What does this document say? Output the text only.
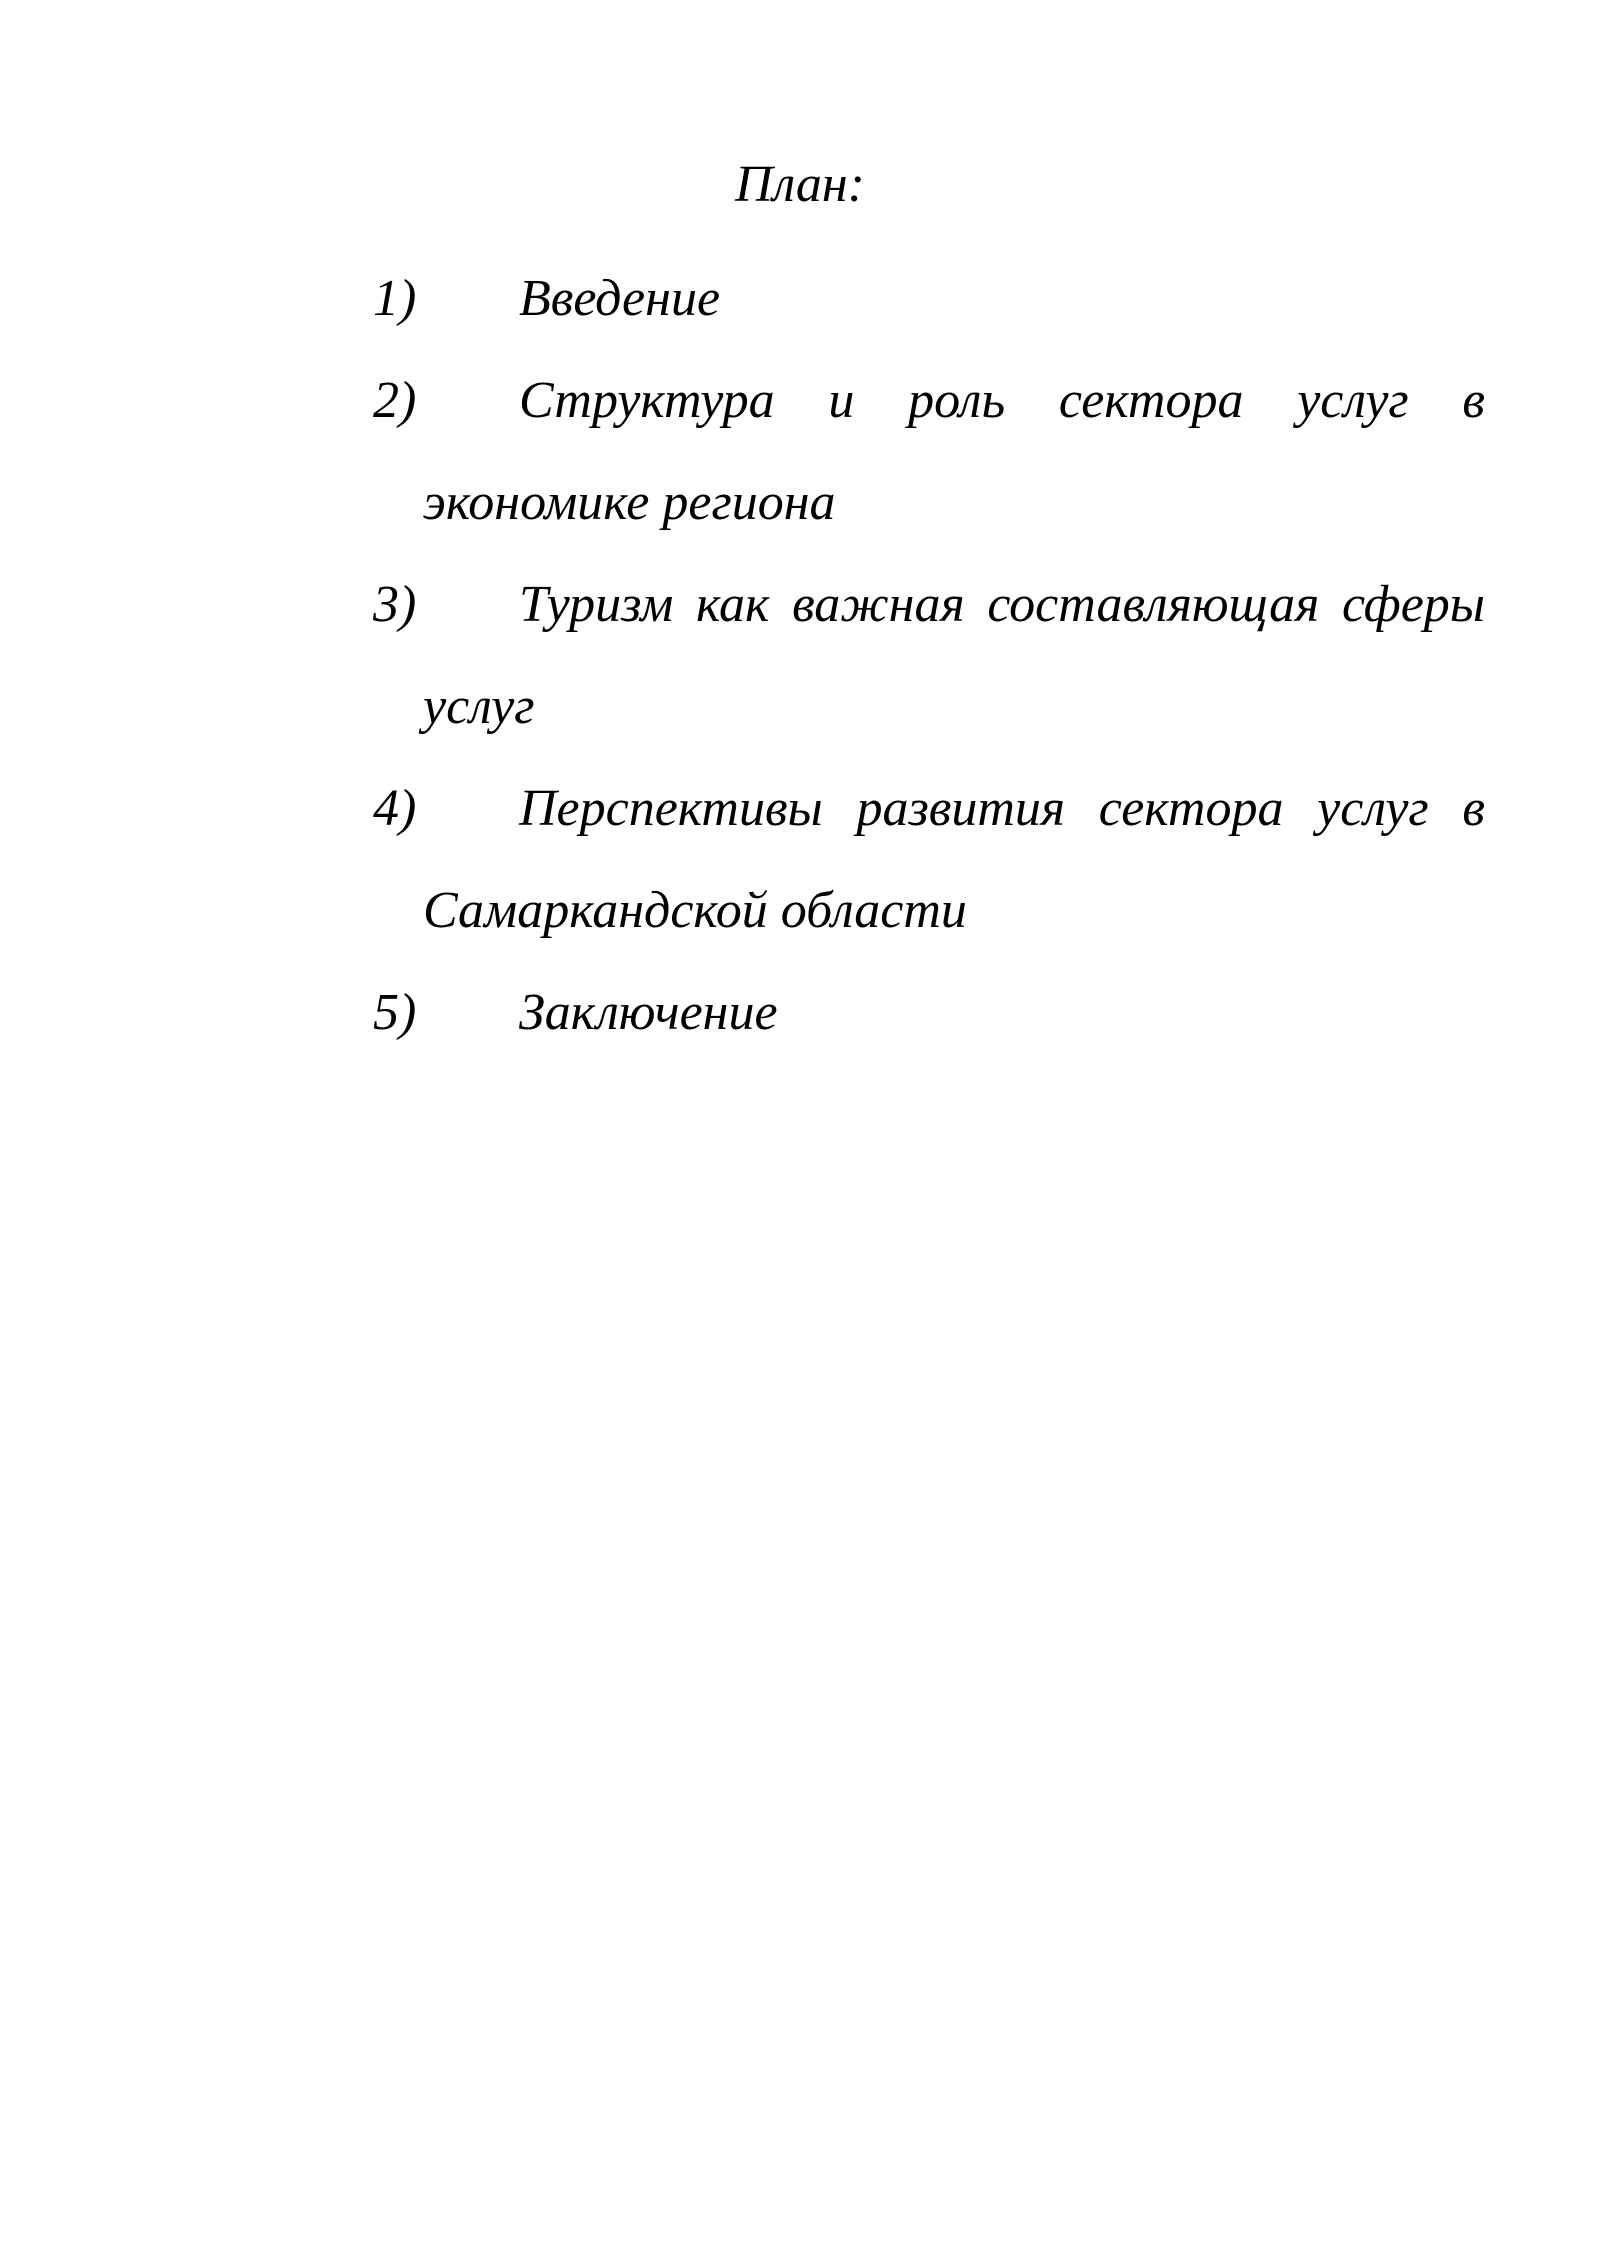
План:
1)	Введение
2)	Структура и роль сектора услуг в экономике региона
3)	Туризм как важная составляющая сферы услуг
4)	Перспективы развития сектора услуг в Самаркандской области
5)	Заключение
